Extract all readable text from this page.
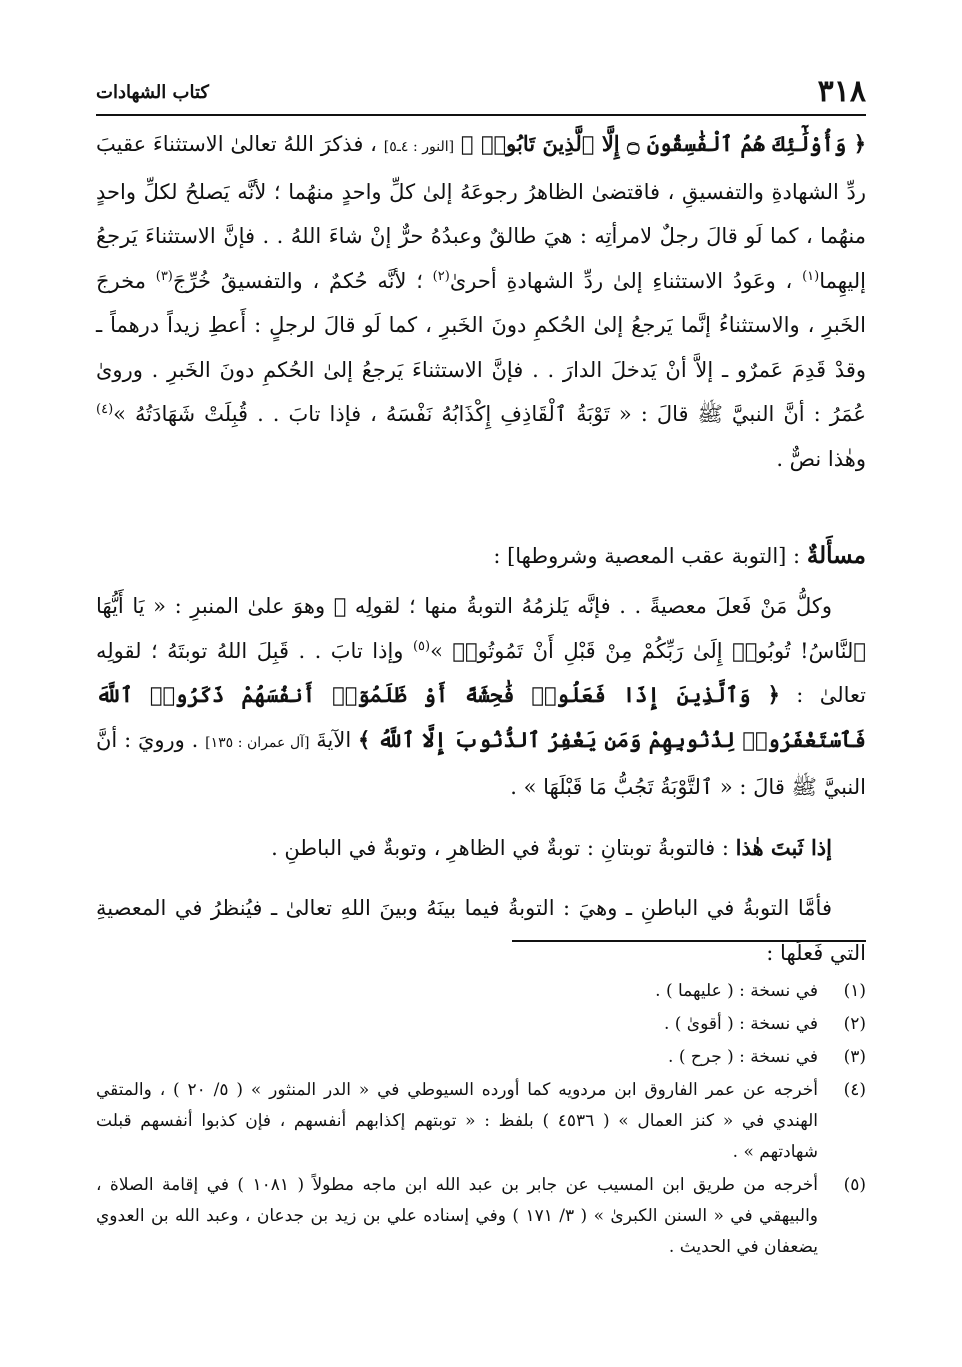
٣١٨
كتاب الشهادات

﴿ وَأُوْلَٰٓئِكَ هُمُ ٱلْفَٰسِقُونَ ۝ إِلَّا ٱلَّذِينَ تَابُوا۟ ﴾ [النور : ٤ـ٥] ، فذكرَ اللهُ تعالىٰ الاستثناءَ عقيبَ ردِّ الشهادةِ والتفسيقِ ، فاقتضىٰ الظاهرُ رجوعَهُ إلىٰ كلِّ واحدٍ منهُما ؛ لأنَّه يَصلحُ لكلِّ واحدٍ منهُما ، كما لَو قالَ رجلٌ لامرأتِه : هيَ طالقٌ وعبدُهُ حرٌّ إنْ شاءَ اللهُ . . فإنَّ الاستثناءَ يَرجعُ إليهِما$^{(١)}$ ، وعَودُ الاستثناءِ إلىٰ ردِّ الشهادةِ أحرىٰ$^{(٢)}$ ؛ لأنَّه حُكمٌ ، والتفسيقُ خُرِّجَ$^{(٣)}$ مخرجَ الخَبرِ ، والاستثناءُ إنَّما يَرجعُ إلىٰ الحُكمِ دونَ الخَبرِ ، كما لَو قالَ لرجلٍ : أَعطِ زيداً درهماً ـ وقدْ قَدِمَ عَمرٌو ـ إلاَّ أنْ يَدخلَ الدارَ . . فإنَّ الاستثناءَ يَرجعُ إلىٰ الحُكمِ دونَ الخَبرِ . وروىٰ عُمَرُ : أنَّ النبيَّ ﷺ قالَ : « تَوْبَةُ ٱلْقَاذِفِ إِكْذَابُهُ نَفْسَهُ ، فإذا تابَ . . قُبِلَتْ شَهَادَتُهُ »$^{(٤)}$ وهٰذا نصٌّ .

مسأَلةٌ : [التوبة عقب المعصية وشروطها] :

وكلُّ مَنْ فَعلَ معصيةً . . فإنَّه يَلزمُهُ التوبةُ منها ؛ لقولِه ﷺ وهوَ علىٰ المنبرِ : « يَا أَيُّهَا ٱلنَّاسُ! تُوبُوا۟ إِلَىٰ رَبِّكُمْ مِنْ قَبْلِ أَنْ تَمُوتُوا۟ »$^{(٥)}$ وإذا تابَ . . قَبِلَ اللهُ توبتَهُ ؛ لقولِه تعالىٰ : ﴿ وَٱلَّذِينَ إِذَا فَعَلُوا۟ فَٰحِشَةً أَوْ ظَلَمُوٓا۟ أَنفُسَهُمْ ذَكَرُوا۟ ٱللَّهَ فَٱسْتَغْفَرُوا۟ لِذُنُوبِهِمْ وَمَن يَغْفِرُ ٱلذُّنُوبَ إِلَّا ٱللَّهُ ﴾ الآيةَ [آل عمران : ١٣٥] . ورويَ : أنَّ النبيَّ ﷺ قالَ : « ٱلتَّوْبَةُ تَجُبُّ مَا قَبْلَهَا » .

إذا ثَبتَ هٰذا : فالتوبةُ توبتانِ : توبةٌ في الظاهرِ ، وتوبةٌ في الباطنِ .

فأمَّا التوبةُ في الباطنِ ـ وهيَ : التوبةُ فيما بينَهُ وبينَ اللهِ تعالىٰ ـ فيُنظرُ في المعصيةِ التي فَعلَها :

(١)
في نسخة : ( عليهما ) .
(٢)
في نسخة : ( أقوىٰ ) .
(٣)
في نسخة : ( جرح ) .
(٤)
أخرجه عن عمر الفاروق ابن مردويه كما أورده السيوطي في « الدر المنثور » ( ٥/ ٢٠ ) ، والمتقي الهندي في « كنز العمال » ( ٤٥٣٦ ) بلفظ : « توبتهم إكذابهم أنفسهم ، فإن كذبوا أنفسهم قبلت شهادتهم » .
(٥)
أخرجه من طريق ابن المسيب عن جابر بن عبد الله ابن ماجه مطولاً ( ١٠٨١ ) في إقامة الصلاة ، والبيهقي في « السنن الكبرىٰ » ( ٣/ ١٧١ ) وفي إسناده علي بن زيد بن جدعان ، وعبد الله بن العدوي يضعفان في الحديث .
